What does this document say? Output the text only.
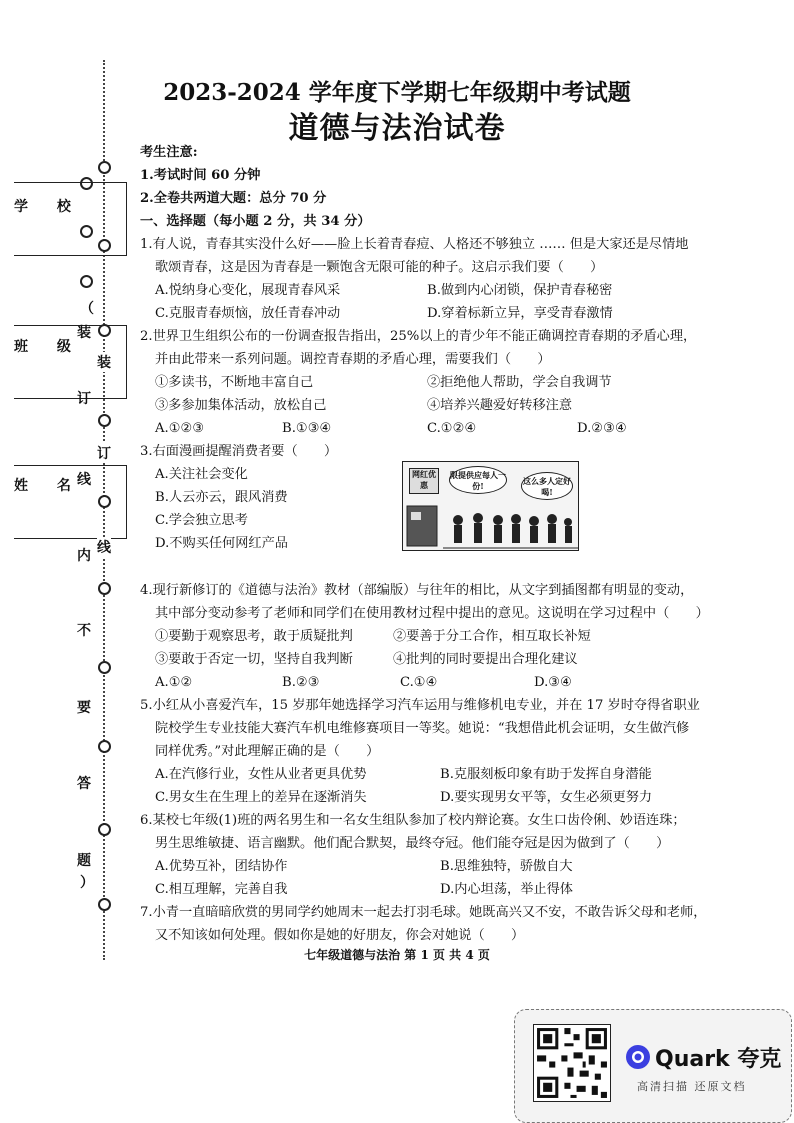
学 校
班 级
姓 名
（
装
订
线
内
不
要
答
题
）
装
订
线
2023-2024 学年度下学期七年级期中考试题
道德与法治试卷
考生注意:
1.考试时间 60 分钟
2.全卷共两道大题：总分 70 分
一、选择题（每小题 2 分，共 34 分）
1.有人说，青春其实没什么好——脸上长着青春痘、人格还不够独立 …… 但是大家还是尽情地
歌颂青春，这是因为青春是一颗饱含无限可能的种子。这启示我们要（　　）
A.悦纳身心变化，展现青春风采	B.做到内心闭锁，保护青春秘密
C.克服青春烦恼，放任青春冲动	D.穿着标新立异，享受青春激情
2.世界卫生组织公布的一份调查报告指出，25%以上的青少年不能正确调控青春期的矛盾心理，
并由此带来一系列问题。调控青春期的矛盾心理，需要我们（　　）
①多读书，不断地丰富自己	②拒绝他人帮助，学会自我调节
③多参加集体活动，放松自己	④培养兴趣爱好转移注意
A.①②③	B.①③④	C.①②④	D.②③④
3.右面漫画提醒消费者要（　　）
A.关注社会变化
B.人云亦云，跟风消费
C.学会独立思考
D.不购买任何网红产品
网红优惠
限提供应每人一份!	这么多人定好喝!
4.现行新修订的《道德与法治》教材（部编版）与往年的相比，从文字到插图都有明显的变动，
其中部分变动参考了老师和同学们在使用教材过程中提出的意见。这说明在学习过程中（　　）
①要勤于观察思考，敢于质疑批判	②要善于分工合作，相互取长补短
③要敢于否定一切，坚持自我判断	④批判的同时要提出合理化建议
A.①②	B.②③	C.①④	D.③④
5.小红从小喜爱汽车，15 岁那年她选择学习汽车运用与维修机电专业，并在 17 岁时夺得省职业
院校学生专业技能大赛汽车机电维修赛项目一等奖。她说：“我想借此机会证明，女生做汽修
同样优秀。”对此理解正确的是（　　）
A.在汽修行业，女性从业者更具优势	B.克服刻板印象有助于发挥自身潜能
C.男女生在生理上的差异在逐渐消失	D.要实现男女平等，女生必须更努力
6.某校七年级(1)班的两名男生和一名女生组队参加了校内辩论赛。女生口齿伶俐、妙语连珠；
男生思维敏捷、语言幽默。他们配合默契，最终夺冠。他们能夺冠是因为做到了（　　）
A.优势互补，团结协作	B.思维独特，骄傲自大
C.相互理解，完善自我	D.内心坦荡，举止得体
7.小青一直暗暗欣赏的男同学约她周末一起去打羽毛球。她既高兴又不安，不敢告诉父母和老师，
又不知该如何处理。假如你是她的好朋友，你会对她说（　　）
七年级道德与法治 第 1 页 共 4 页
Quark 夸克
高清扫描 还原文档
